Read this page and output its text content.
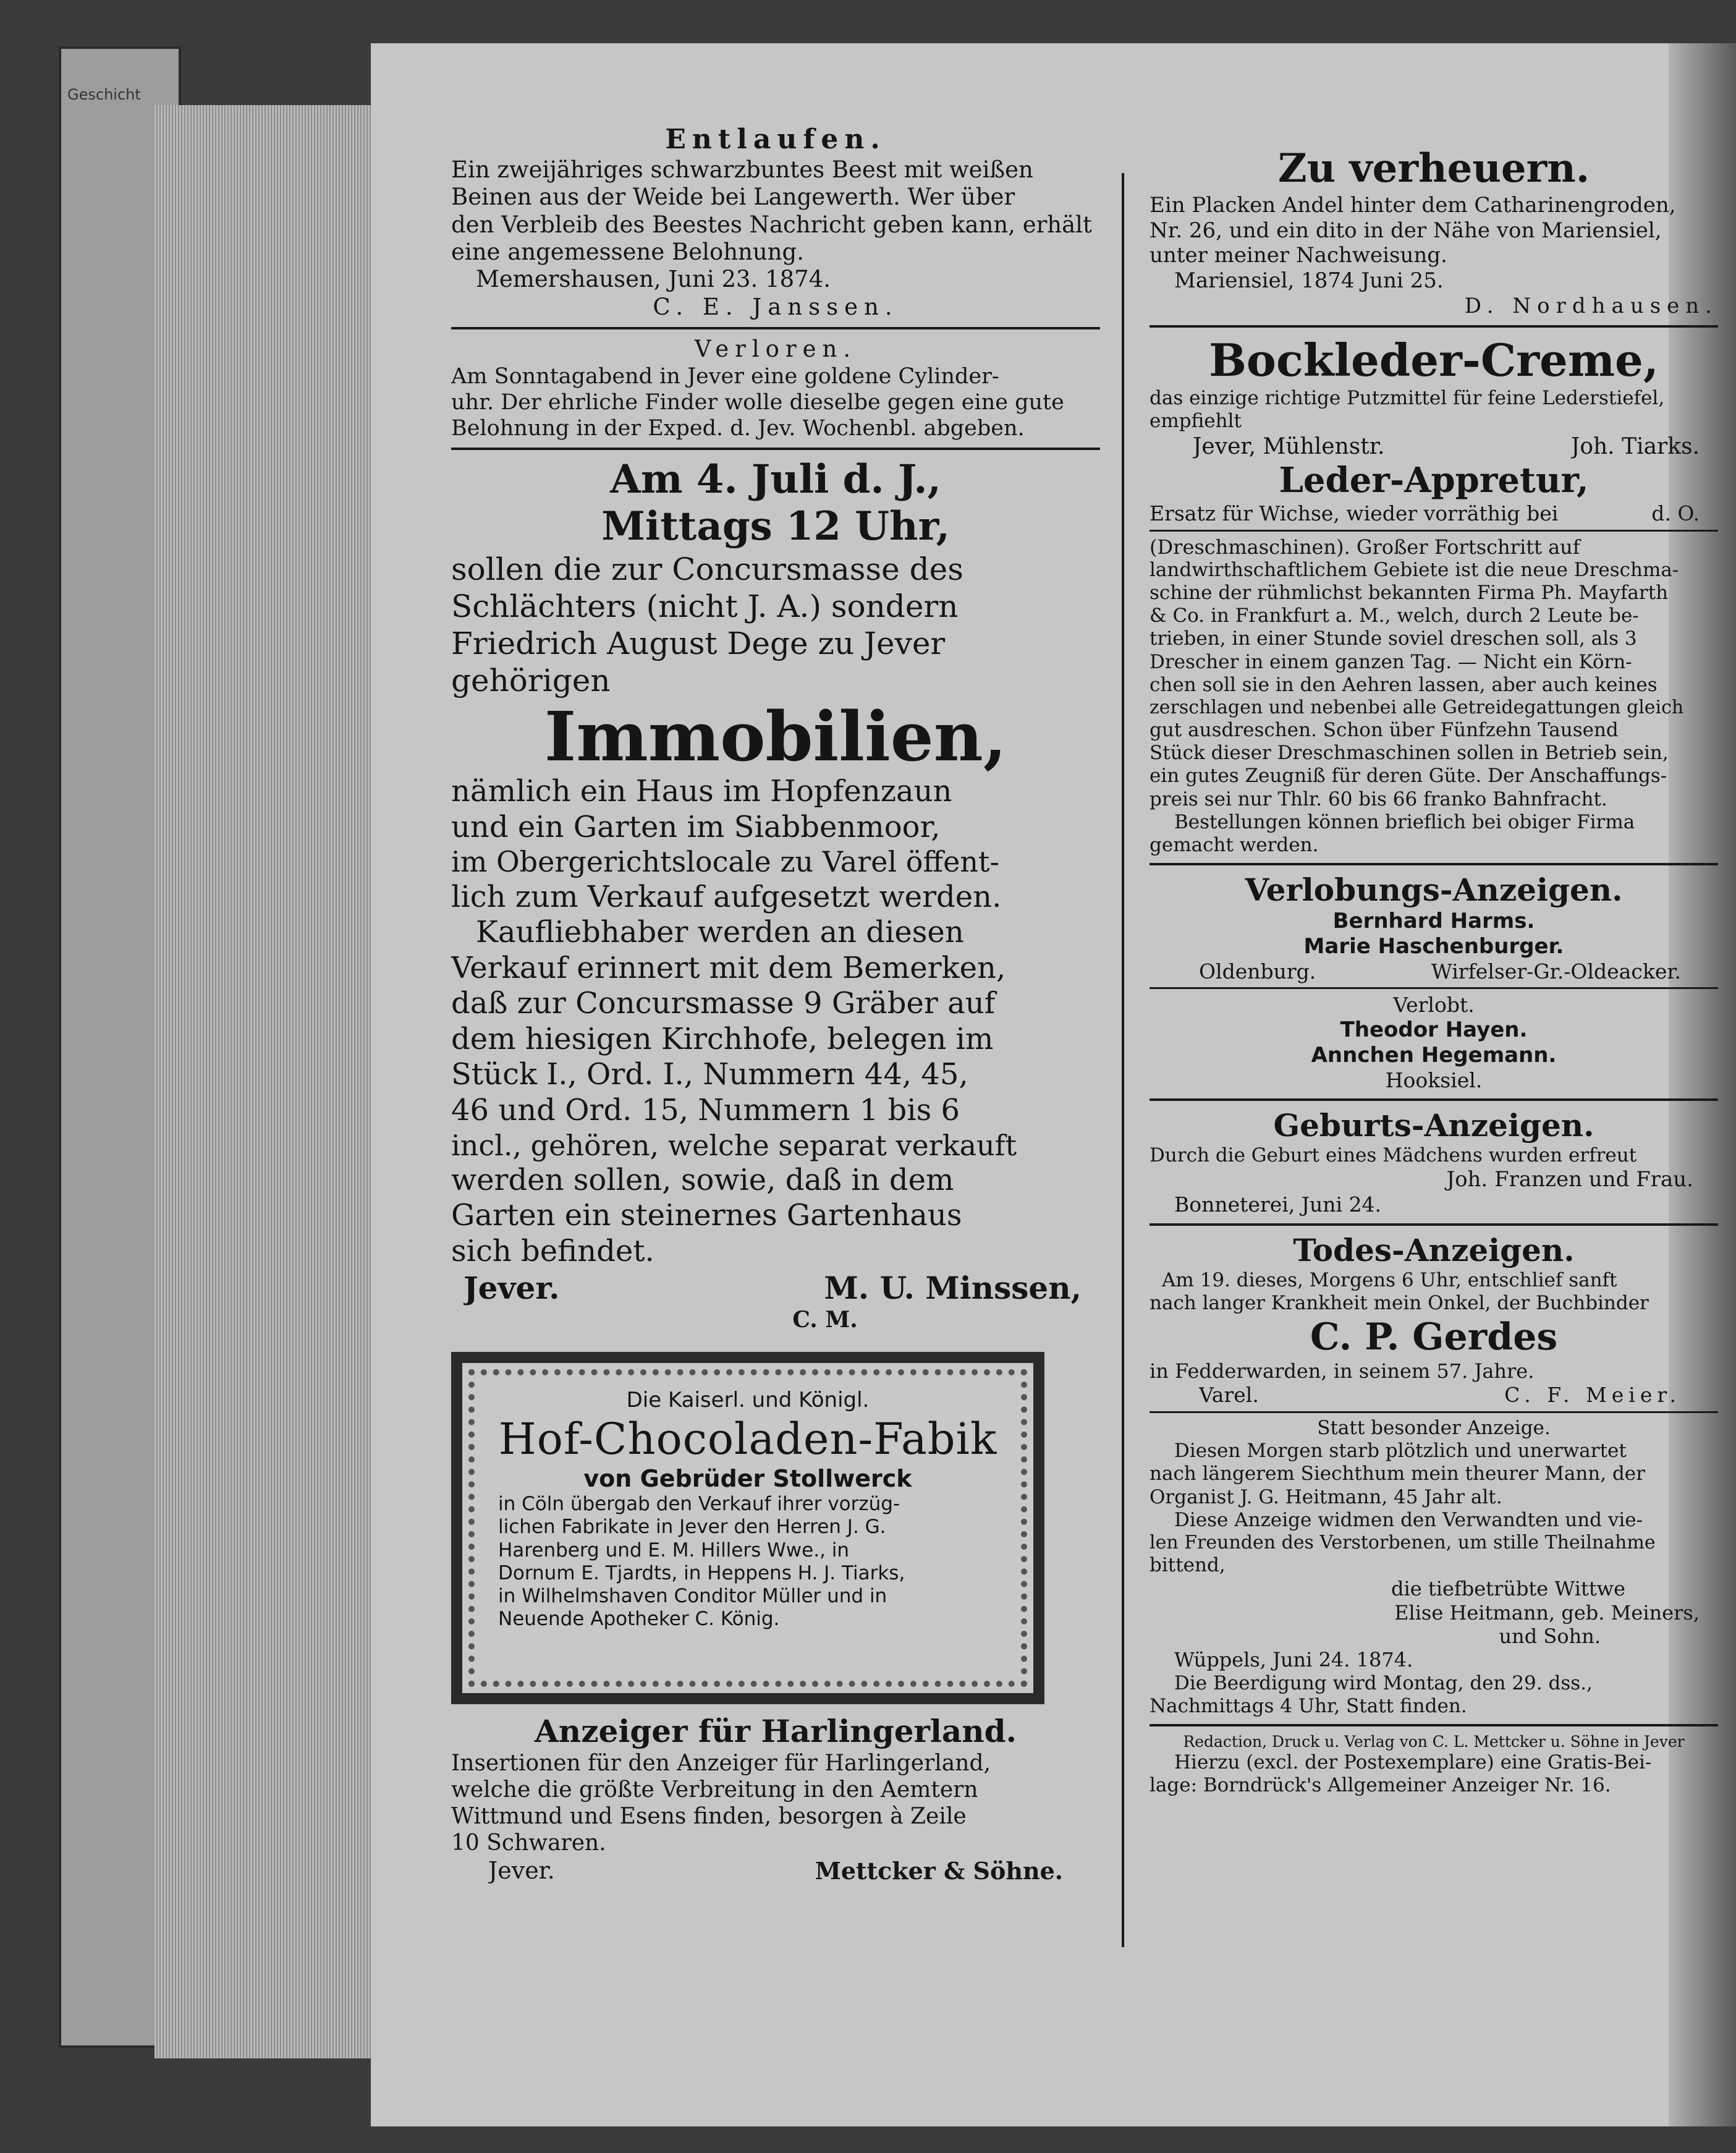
Geschicht
Entlaufen.
Ein zweijähriges schwarzbuntes Beest mit weißen
Beinen aus der Weide bei Langewerth. Wer über
den Verbleib des Beestes Nachricht geben kann, erhält
eine angemessene Belohnung.
Memershausen, Juni 23. 1874.
C. E. Janssen.
Verloren.
Am Sonntagabend in Jever eine goldene Cylinder-
uhr. Der ehrliche Finder wolle dieselbe gegen eine gute
Belohnung in der Exped. d. Jev. Wochenbl. abgeben.
Am 4. Juli d. J.,
Mittags 12 Uhr,
sollen die zur Concursmasse des
Schlächters (nicht J. A.) sondern
Friedrich August Dege zu Jever
gehörigen
Immobilien,
nämlich ein Haus im Hopfenzaun
und ein Garten im Siabbenmoor,
im Obergerichtslocale zu Varel öffent-
lich zum Verkauf aufgesetzt werden.
Kaufliebhaber werden an diesen
Verkauf erinnert mit dem Bemerken,
daß zur Concursmasse 9 Gräber auf
dem hiesigen Kirchhofe, belegen im
Stück I., Ord. I., Nummern 44, 45,
46 und Ord. 15, Nummern 1 bis 6
incl., gehören, welche separat verkauft
werden sollen, sowie, daß in dem
Garten ein steinernes Gartenhaus
sich befindet.
Jever.	M. U. Minssen,
C. M.
Die Kaiserl. und Königl.
Hof-Chocoladen-Fabik
von Gebrüder Stollwerck
in Cöln übergab den Verkauf ihrer vorzüg-
lichen Fabrikate in Jever den Herren J. G.
Harenberg und E. M. Hillers Wwe., in
Dornum E. Tjardts, in Heppens H. J. Tiarks,
in Wilhelmshaven Conditor Müller und in
Neuende Apotheker C. König.
Anzeiger für Harlingerland.
Insertionen für den Anzeiger für Harlingerland,
welche die größte Verbreitung in den Aemtern
Wittmund und Esens finden, besorgen à Zeile
10 Schwaren.
Jever.	Mettcker & Söhne.
Zu verheuern.
Ein Placken Andel hinter dem Catharinengroden,
Nr. 26, und ein dito in der Nähe von Mariensiel,
unter meiner Nachweisung.
Mariensiel, 1874 Juni 25.
D. Nordhausen.
Bockleder-Creme,
das einzige richtige Putzmittel für feine Lederstiefel,
empfiehlt
Jever, Mühlenstr.	Joh. Tiarks.
Leder-Appretur,
Ersatz für Wichse, wieder vorräthig bei	d. O.
(Dreschmaschinen). Großer Fortschritt auf
landwirthschaftlichem Gebiete ist die neue Dreschma-
schine der rühmlichst bekannten Firma Ph. Mayfarth
& Co. in Frankfurt a. M., welch, durch 2 Leute be-
trieben, in einer Stunde soviel dreschen soll, als 3
Drescher in einem ganzen Tag. — Nicht ein Körn-
chen soll sie in den Aehren lassen, aber auch keines
zerschlagen und nebenbei alle Getreidegattungen gleich
gut ausdreschen. Schon über Fünfzehn Tausend
Stück dieser Dreschmaschinen sollen in Betrieb sein,
ein gutes Zeugniß für deren Güte. Der Anschaffungs-
preis sei nur Thlr. 60 bis 66 franko Bahnfracht.
Bestellungen können brieflich bei obiger Firma
gemacht werden.
Verlobungs-Anzeigen.
Bernhard Harms.
Marie Haschenburger.
Oldenburg.	Wirfelser-Gr.-Oldeacker.
Verlobt.
Theodor Hayen.
Annchen Hegemann.
Hooksiel.
Geburts-Anzeigen.
Durch die Geburt eines Mädchens wurden erfreut
Joh. Franzen und Frau.
Bonneterei, Juni 24.
Todes-Anzeigen.
Am 19. dieses, Morgens 6 Uhr, entschlief sanft
nach langer Krankheit mein Onkel, der Buchbinder
C. P. Gerdes
in Fedderwarden, in seinem 57. Jahre.
Varel.	C. F. Meier.
Statt besonder Anzeige.
Diesen Morgen starb plötzlich und unerwartet
nach längerem Siechthum mein theurer Mann, der
Organist J. G. Heitmann, 45 Jahr alt.
Diese Anzeige widmen den Verwandten und vie-
len Freunden des Verstorbenen, um stille Theilnahme
bittend,
die tiefbetrübte Wittwe
Elise Heitmann, geb. Meiners,
und Sohn.
Wüppels, Juni 24. 1874.
Die Beerdigung wird Montag, den 29. dss.,
Nachmittags 4 Uhr, Statt finden.
Redaction, Druck u. Verlag von C. L. Mettcker u. Söhne in Jever
Hierzu (excl. der Postexemplare) eine Gratis-Bei-
lage: Borndrück's Allgemeiner Anzeiger Nr. 16.
